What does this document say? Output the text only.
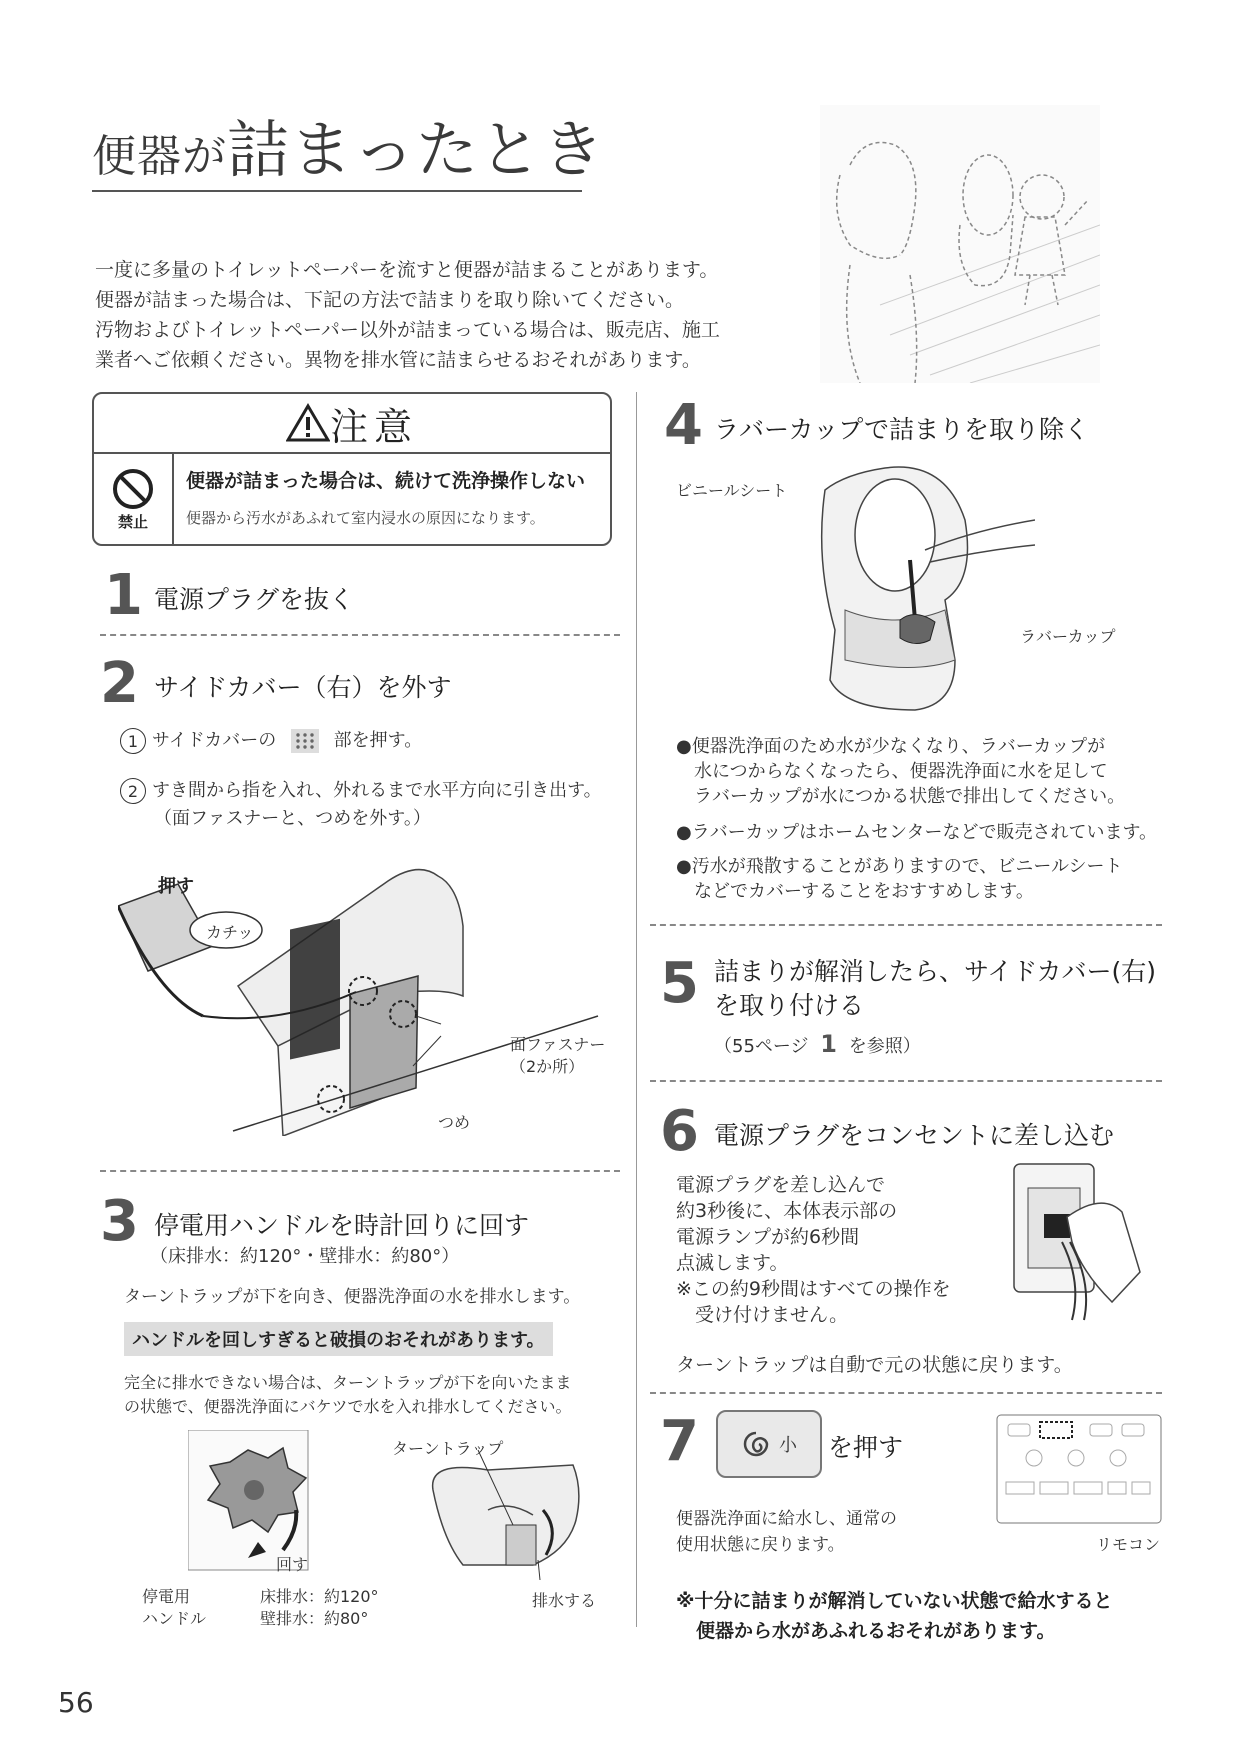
便器が詰まったとき
一度に多量のトイレットペーパーを流すと便器が詰まることがあります。
便器が詰まった場合は、下記の方法で詰まりを取り除いてください。
汚物およびトイレットペーパー以外が詰まっている場合は、販売店、施工
業者へご依頼ください。異物を排水管に詰まらせるおそれがあります。
注意
禁止
便器が詰まった場合は、続けて洗浄操作しない
便器から汚水があふれて室内浸水の原因になります。
1 電源プラグを抜く
2 サイドカバー（右）を外す
1 サイドカバーの	部を押す。
2 すき間から指を入れ、外れるまで水平方向に引き出す。
（面ファスナーと、つめを外す。）
押す
カチッ
面ファスナー
（2か所）
つめ
3 停電用ハンドルを時計回りに回す
（床排水：約120°・壁排水：約80°）
ターントラップが下を向き、便器洗浄面の水を排水します。
ハンドルを回しすぎると破損のおそれがあります。
完全に排水できない場合は、ターントラップが下を向いたまま
の状態で、便器洗浄面にバケツで水を入れ排水してください。
ターントラップ
回す
停電用
ハンドル
床排水：約120°
壁排水：約80°
排水する
4 ラバーカップで詰まりを取り除く
ビニールシート
ラバーカップ
●便器洗浄面のため水が少なくなり、ラバーカップが
水につからなくなったら、便器洗浄面に水を足して
ラバーカップが水につかる状態で排出してください。
●ラバーカップはホームセンターなどで販売されています。
●汚水が飛散することがありますので、ビニールシート
などでカバーすることをおすすめします。
5 詰まりが解消したら、サイドカバー(右)
を取り付ける
（55ページ 1 を参照）
6 電源プラグをコンセントに差し込む
電源プラグを差し込んで
約3秒後に、本体表示部の
電源ランプが約6秒間
点滅します。
※この約9秒間はすべての操作を
　受け付けません。
ターントラップは自動で元の状態に戻ります。
7	小 を押す
便器洗浄面に給水し、通常の
使用状態に戻ります。	リモコン
※十分に詰まりが解消していない状態で給水すると
便器から水があふれるおそれがあります。
56
